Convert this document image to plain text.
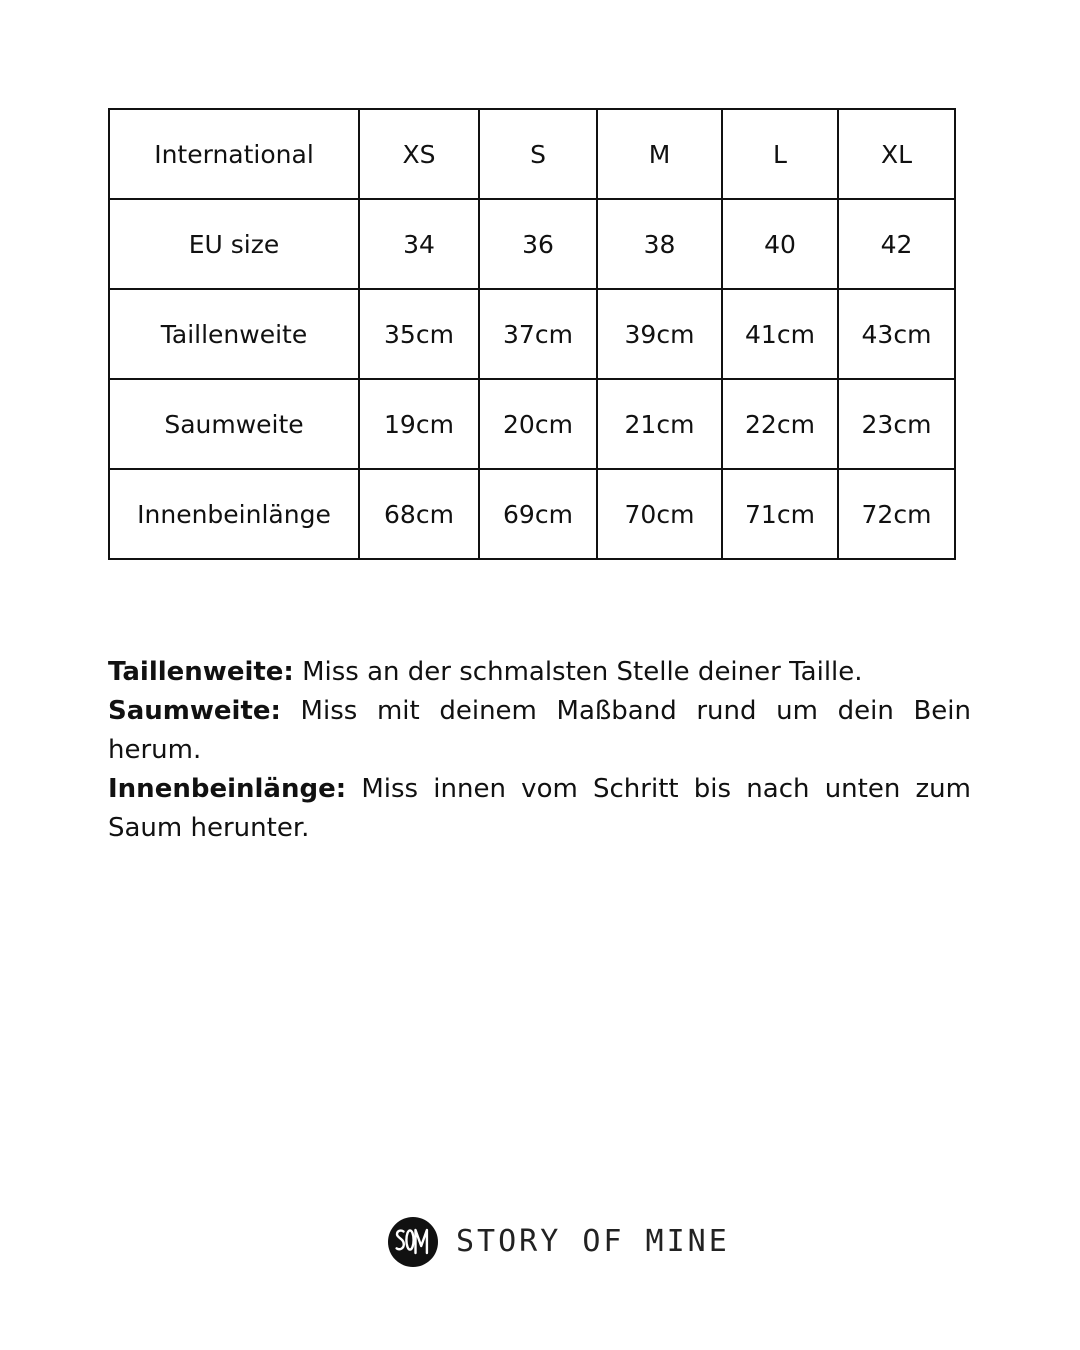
International	XS	S	M	L	XL
EU size	34	36	38	40	42
Taillenweite	35cm	37cm	39cm	41cm	43cm
Saumweite	19cm	20cm	21cm	22cm	23cm
Innenbeinlänge	68cm	69cm	70cm	71cm	72cm

Taillenweite: Miss an der schmalsten Stelle deiner Taille.

Saumweite: Miss mit deinem Maßband rund um dein Bein herum.

Innenbeinlänge: Miss innen vom Schritt bis nach unten zum Saum herunter.

STORY OF MINE
